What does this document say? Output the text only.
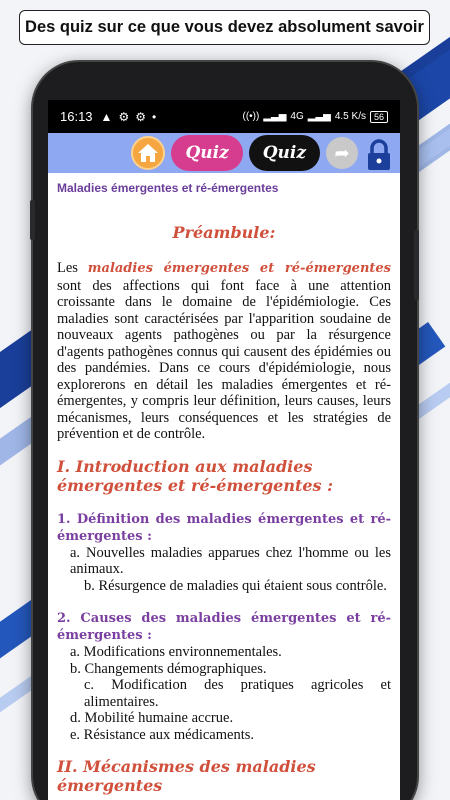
Des quiz sur ce que vous devez absolument savoir
16:13 ▲ ⚙ ⚙ •	((•)) ▂▃▅ 4G ▂▃▅ 4.5 K/s 56
Quiz	Quiz	➦
Maladies émergentes et ré-émergentes
Préambule:

Les maladies émergentes et ré-émergentes sont des affections qui font face à une attention croissante dans le domaine de l'épidémiologie. Ces maladies sont caractérisées par l'apparition soudaine de nouveaux agents pathogènes ou par la résurgence d'agents pathogènes connus qui causent des épidémies ou des pandémies. Dans ce cours d'épidémiologie, nous explorerons en détail les maladies émergentes et ré-émergentes, y compris leur définition, leurs causes, leurs mécanismes, leurs conséquences et les stratégies de prévention et de contrôle.

I. Introduction aux maladies émergentes et ré-émergentes :
1. Définition des maladies émergentes et ré-émergentes :
a. Nouvelles maladies apparues chez l'homme ou les animaux.
b. Résurgence de maladies qui étaient sous contrôle.
2. Causes des maladies émergentes et ré-émergentes :
a. Modifications environnementales.
b. Changements démographiques.
c. Modification des pratiques agricoles et alimentaires.
d. Mobilité humaine accrue.
e. Résistance aux médicaments.
II. Mécanismes des maladies émergentes
